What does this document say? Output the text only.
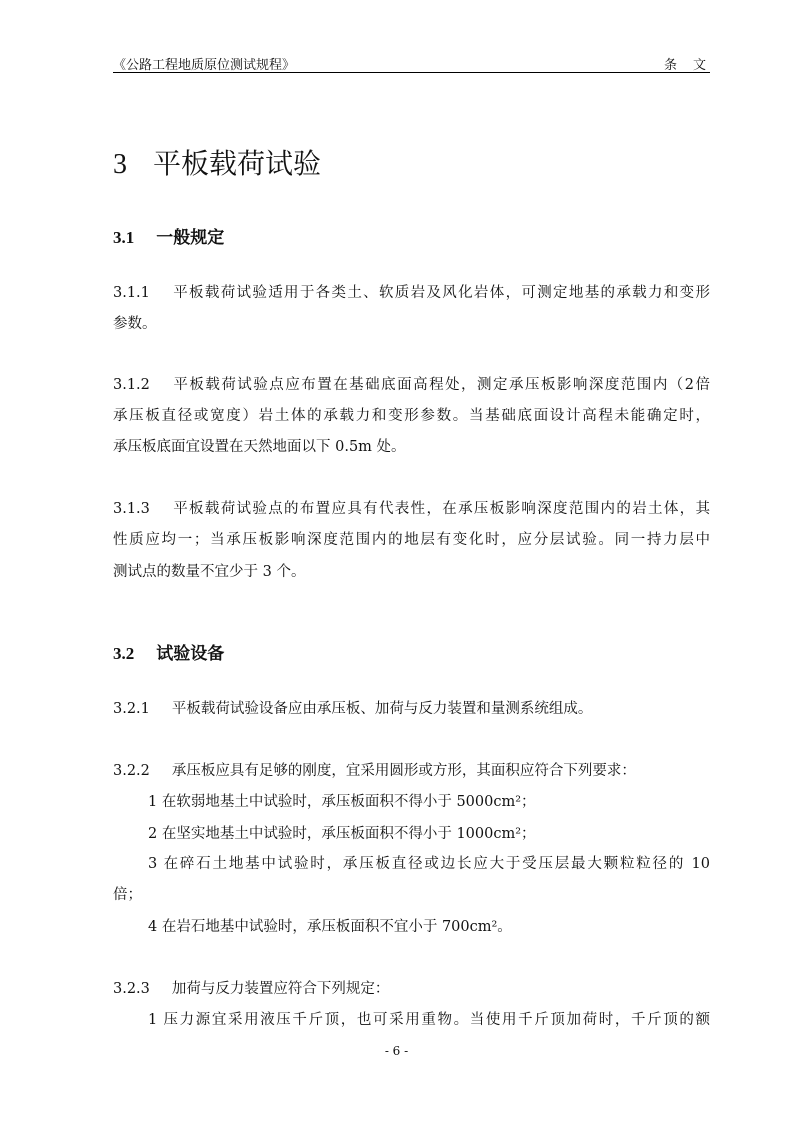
《公路工程地质原位测试规程》	条文
3 平板载荷试验
3.1 一般规定
3.1.1 平板载荷试验适用于各类土、软质岩及风化岩体，可测定地基的承载力和变形
参数。
3.1.2 平板载荷试验点应布置在基础底面高程处，测定承压板影响深度范围内（2倍
承压板直径或宽度）岩土体的承载力和变形参数。当基础底面设计高程未能确定时，
承压板底面宜设置在天然地面以下 0.5m 处。
3.1.3 平板载荷试验点的布置应具有代表性，在承压板影响深度范围内的岩土体，其
性质应均一；当承压板影响深度范围内的地层有变化时，应分层试验。同一持力层中
测试点的数量不宜少于 3 个。
3.2 试验设备
3.2.1 平板载荷试验设备应由承压板、加荷与反力装置和量测系统组成。
3.2.2 承压板应具有足够的刚度，宜采用圆形或方形，其面积应符合下列要求：
1 在软弱地基土中试验时，承压板面积不得小于 5000cm²；
2 在坚实地基土中试验时，承压板面积不得小于 1000cm²；
3 在碎石土地基中试验时，承压板直径或边长应大于受压层最大颗粒粒径的 10
倍；
4 在岩石地基中试验时，承压板面积不宜小于 700cm²。
3.2.3 加荷与反力装置应符合下列规定：
1 压力源宜采用液压千斤顶，也可采用重物。当使用千斤顶加荷时，千斤顶的额
- 6 -
